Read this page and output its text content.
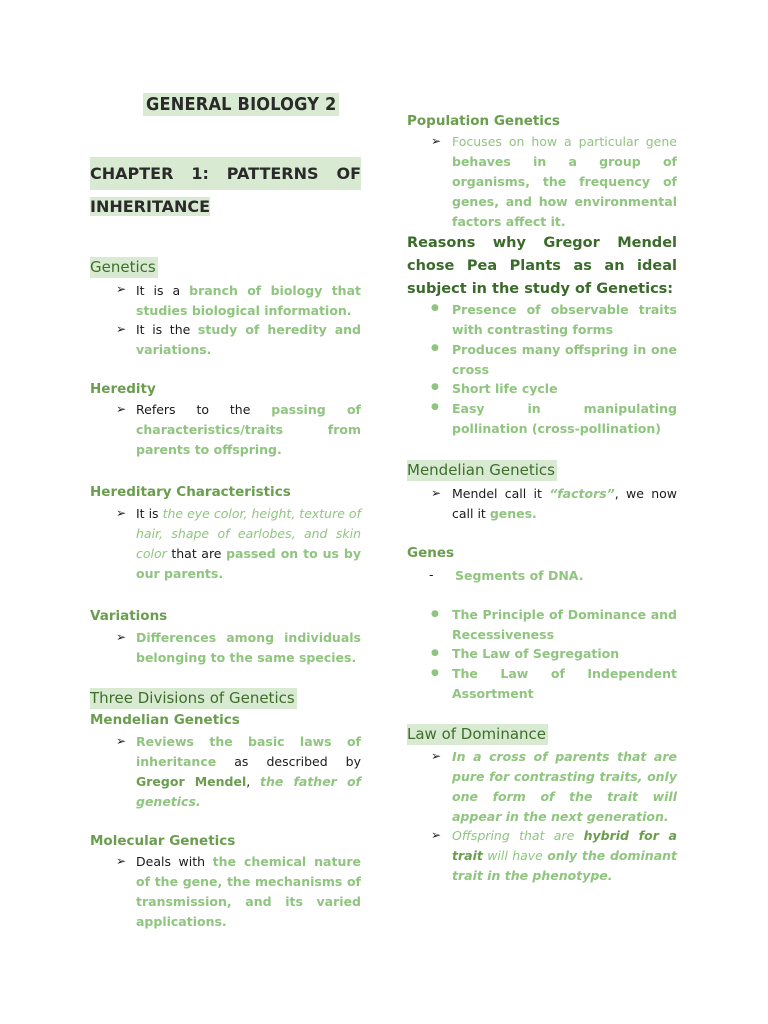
GENERAL BIOLOGY 2
CHAPTER 1: PATTERNS OF
INHERITANCE
Genetics
➢ It is a branch of biology that studies biological information.
➢ It is the study of heredity and variations.
Heredity
➢ Refers to the passing of characteristics/traits from parents to offspring.
Hereditary Characteristics
➢ It is the eye color, height, texture of hair, shape of earlobes, and skin color that are passed on to us by our parents.
Variations
➢ Differences among individuals belonging to the same species.
Three Divisions of Genetics
Mendelian Genetics
➢ Reviews the basic laws of inheritance as described by Gregor Mendel, the father of genetics.
Molecular Genetics
➢ Deals with the chemical nature of the gene, the mechanisms of transmission, and its varied applications.
Population Genetics
➢ Focuses on how a particular gene behaves in a group of organisms, the frequency of genes, and how environmental factors affect it.
Reasons why Gregor Mendel chose Pea Plants as an ideal subject in the study of Genetics:
● Presence of observable traits with contrasting forms
● Produces many offspring in one cross
● Short life cycle
● Easy in manipulating pollination (cross-pollination)
Mendelian Genetics
➢ Mendel call it “factors”, we now call it genes.
Genes
- Segments of DNA.
● The Principle of Dominance and Recessiveness
● The Law of Segregation
● The Law of Independent Assortment
Law of Dominance
➢ In a cross of parents that are pure for contrasting traits, only one form of the trait will appear in the next generation.
➢ Offspring that are hybrid for a trait will have only the dominant trait in the phenotype.
